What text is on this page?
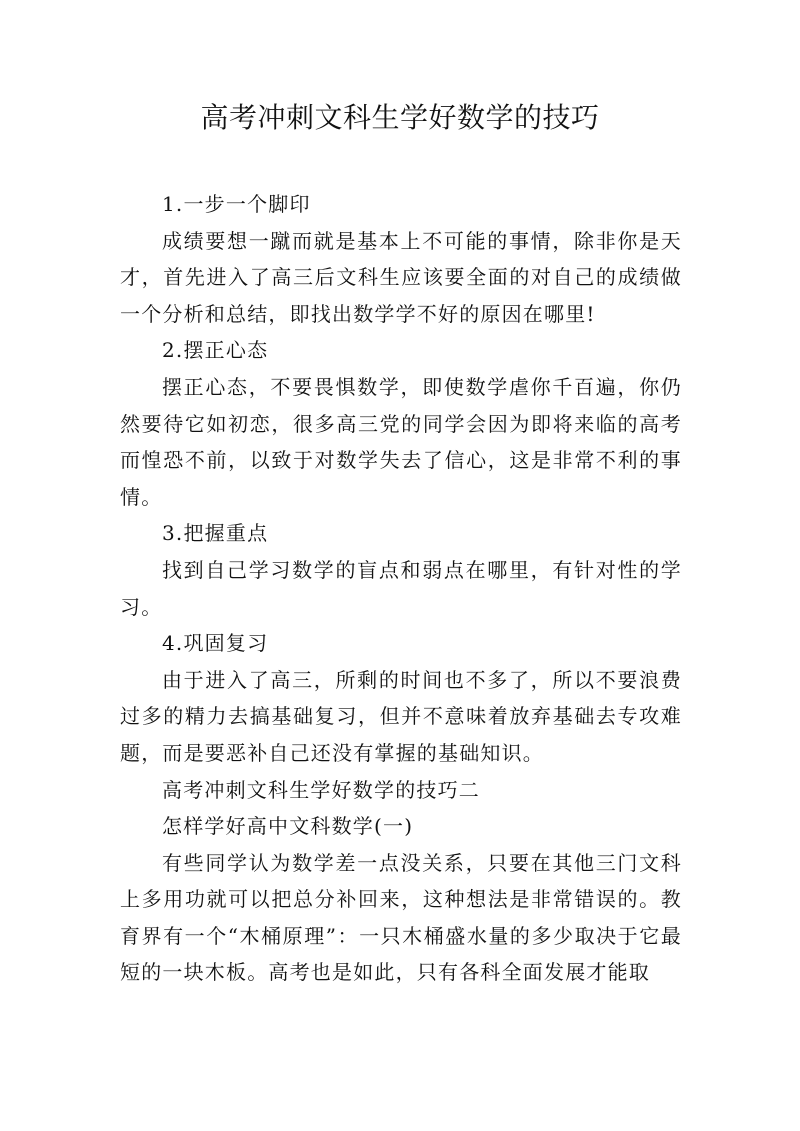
高考冲刺文科生学好数学的技巧

1.一步一个脚印

成绩要想一蹴而就是基本上不可能的事情，除非你是天才，首先进入了高三后文科生应该要全面的对自己的成绩做一个分析和总结，即找出数学学不好的原因在哪里!

2.摆正心态

摆正心态，不要畏惧数学，即使数学虐你千百遍，你仍然要待它如初恋，很多高三党的同学会因为即将来临的高考而惶恐不前，以致于对数学失去了信心，这是非常不利的事情。

3.把握重点

找到自己学习数学的盲点和弱点在哪里，有针对性的学习。

4.巩固复习

由于进入了高三，所剩的时间也不多了，所以不要浪费过多的精力去搞基础复习，但并不意味着放弃基础去专攻难题，而是要恶补自己还没有掌握的基础知识。

高考冲刺文科生学好数学的技巧二

怎样学好高中文科数学(一)

有些同学认为数学差一点没关系，只要在其他三门文科上多用功就可以把总分补回来，这种想法是非常错误的。教育界有一个“木桶原理”：一只木桶盛水量的多少取决于它最短的一块木板。高考也是如此，只有各科全面发展才能取
